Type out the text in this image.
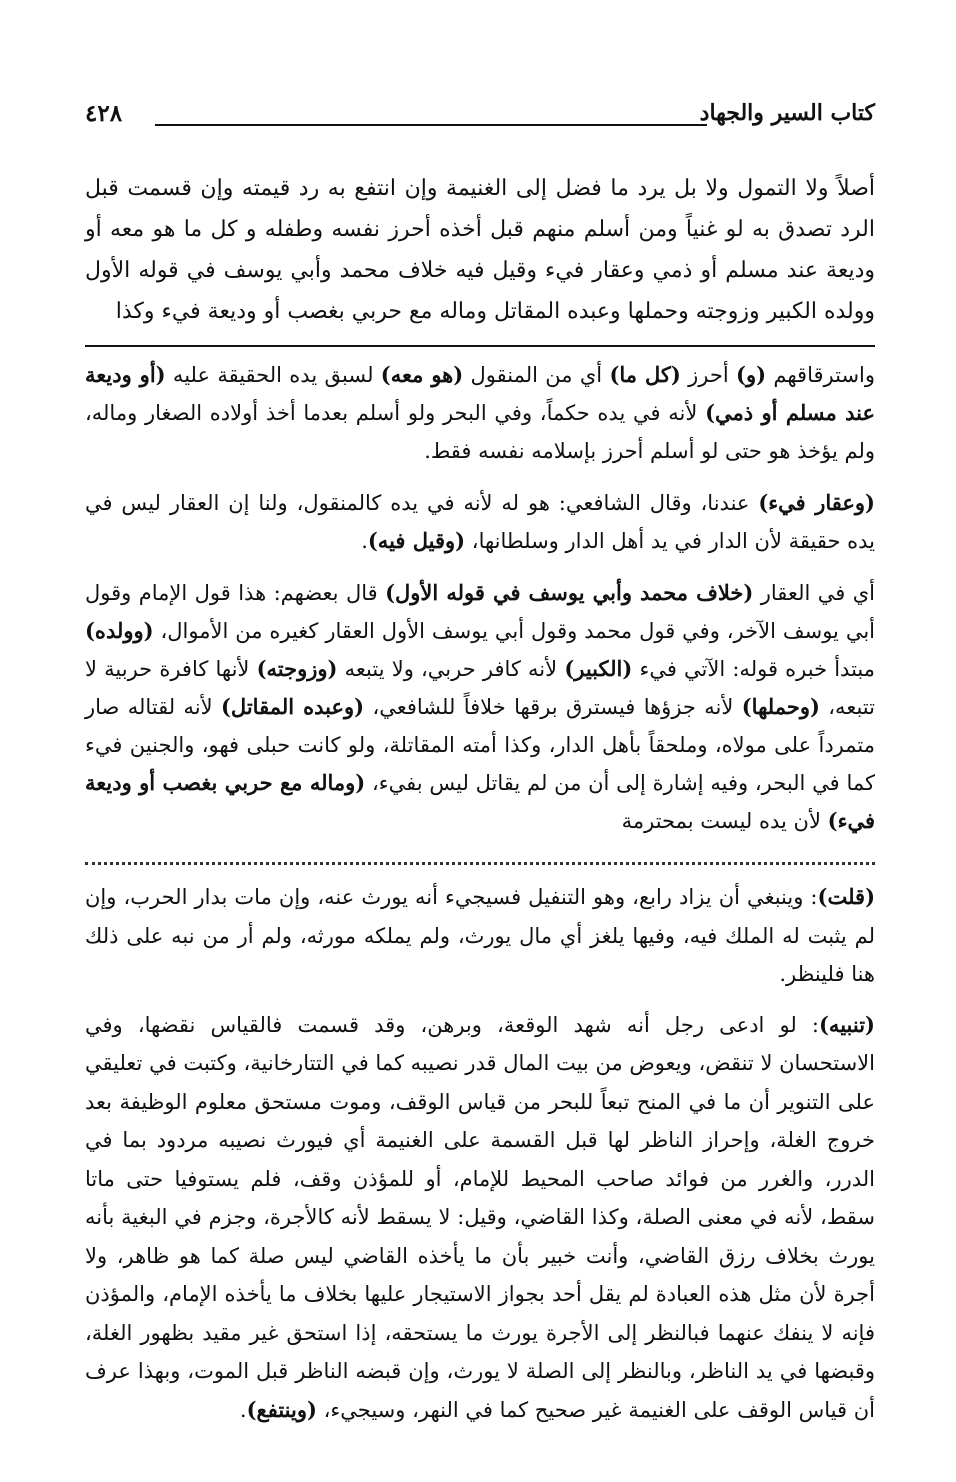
٤٢٨	كتاب السير والجهاد

أصلاً ولا التمول ولا بل يرد ما فضل إلى الغنيمة وإن انتفع به رد قيمته وإن قسمت قبل الرد تصدق به لو غنياً ومن أسلم منهم قبل أخذه أحرز نفسه وطفله و كل ما هو معه أو وديعة عند مسلم أو ذمي وعقار فيء وقيل فيه خلاف محمد وأبي يوسف في قوله الأول وولده الكبير وزوجته وحملها وعبده المقاتل وماله مع حربي بغصب أو وديعة فيء وكذا

واسترقاقهم (و) أحرز (كل ما) أي من المنقول (هو معه) لسبق يده الحقيقة عليه (أو وديعة عند مسلم أو ذمي) لأنه في يده حكماً، وفي البحر ولو أسلم بعدما أخذ أولاده الصغار وماله، ولم يؤخذ هو حتى لو أسلم أحرز بإسلامه نفسه فقط.

(وعقار فيء) عندنا، وقال الشافعي: هو له لأنه في يده كالمنقول، ولنا إن العقار ليس في يده حقيقة لأن الدار في يد أهل الدار وسلطانها، (وقيل فيه).

أي في العقار (خلاف محمد وأبي يوسف في قوله الأول) قال بعضهم: هذا قول الإمام وقول أبي يوسف الآخر، وفي قول محمد وقول أبي يوسف الأول العقار كغيره من الأموال، (وولده) مبتدأ خبره قوله: الآتي فيء (الكبير) لأنه كافر حربي، ولا يتبعه (وزوجته) لأنها كافرة حربية لا تتبعه، (وحملها) لأنه جزؤها فيسترق برقها خلافاً للشافعي، (وعبده المقاتل) لأنه لقتاله صار متمرداً على مولاه، وملحقاً بأهل الدار، وكذا أمته المقاتلة، ولو كانت حبلى فهو، والجنين فيء كما في البحر، وفيه إشارة إلى أن من لم يقاتل ليس بفيء، (وماله مع حربي بغصب أو وديعة فيء) لأن يده ليست بمحترمة

(قلت): وينبغي أن يزاد رابع، وهو التنفيل فسيجيء أنه يورث عنه، وإن مات بدار الحرب، وإن لم يثبت له الملك فيه، وفيها يلغز أي مال يورث، ولم يملكه مورثه، ولم أر من نبه على ذلك هنا فلينظر.

(تنبيه): لو ادعى رجل أنه شهد الوقعة، وبرهن، وقد قسمت فالقياس نقضها، وفي الاستحسان لا تنقض، ويعوض من بيت المال قدر نصيبه كما في التتارخانية، وكتبت في تعليقي على التنوير أن ما في المنح تبعاً للبحر من قياس الوقف، وموت مستحق معلوم الوظيفة بعد خروج الغلة، وإحراز الناظر لها قبل القسمة على الغنيمة أي فيورث نصيبه مردود بما في الدرر، والغرر من فوائد صاحب المحيط للإمام، أو للمؤذن وقف، فلم يستوفيا حتى ماتا سقط، لأنه في معنى الصلة، وكذا القاضي، وقيل: لا يسقط لأنه كالأجرة، وجزم في البغية بأنه يورث بخلاف رزق القاضي، وأنت خبير بأن ما يأخذه القاضي ليس صلة كما هو ظاهر، ولا أجرة لأن مثل هذه العبادة لم يقل أحد بجواز الاستيجار عليها بخلاف ما يأخذه الإمام، والمؤذن فإنه لا ينفك عنهما فبالنظر إلى الأجرة يورث ما يستحقه، إذا استحق غير مقيد بظهور الغلة، وقبضها في يد الناظر، وبالنظر إلى الصلة لا يورث، وإن قبضه الناظر قبل الموت، وبهذا عرف أن قياس الوقف على الغنيمة غير صحيح كما في النهر، وسيجيء، (وينتفع).
